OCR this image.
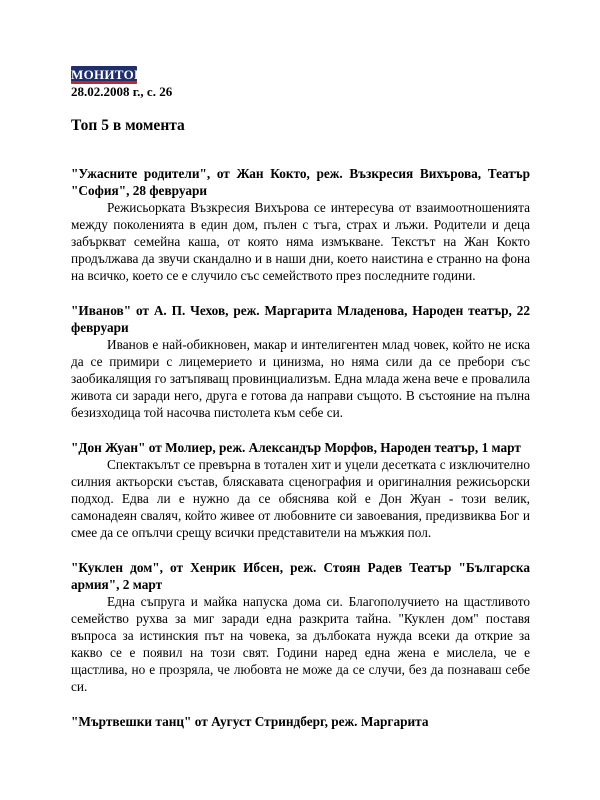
МОНИТОР
28.02.2008 г., с. 26
Топ 5 в момента
"Ужасните родители", от Жан Кокто, реж. Възкресия Вихърова, Театър "София", 28 февруари

Режисьорката Възкресия Вихърова се интересува от взаимоотношенията между поколенията в един дом, пълен с тъга, страх и лъжи. Родители и деца забъркват семейна каша, от която няма измъкване. Текстът на Жан Кокто продължава да звучи скандално и в наши дни, което наистина е странно на фона на всичко, което се е случило със семейството през последните години.

"Иванов" от А. П. Чехов, реж. Маргарита Младенова, Народен театър, 22 февруари

Иванов е най-обикновен, макар и интелигентен млад човек, който не иска да се примири с лицемерието и цинизма, но няма сили да се пребори със заобикалящия го затъпяващ провинциализъм. Една млада жена вече е провалила живота си заради него, друга е готова да направи същото. В състояние на пълна безизходица той насочва пистолета към себе си.

"Дон Жуан" от Молиер, реж. Александър Морфов, Народен театър, 1 март

Спектакълът се превърна в тотален хит и уцели десетката с изключително силния актьорски състав, бляскавата сценография и оригиналния режисьорски подход. Едва ли е нужно да се обяснява кой е Дон Жуан - този велик, самонадеян сваляч, който живее от любовните си завоевания, предизвиква Бог и смее да се опълчи срещу всички представители на мъжкия пол.

"Куклен дом", от Хенрик Ибсен, реж. Стоян Радев Театър "Българска армия", 2 март

Една съпруга и майка напуска дома си. Благополучието на щастливото семейство рухва за миг заради една разкрита тайна. "Куклен дом" поставя въпроса за истинския път на човека, за дълбоката нужда всеки да открие за какво се е появил на този свят. Години наред една жена е мислела, че е щастлива, но е прозряла, че любовта не може да се случи, без да познаваш себе си.

"Мъртвешки танц" от Аугуст Стриндберг, реж. Маргарита
